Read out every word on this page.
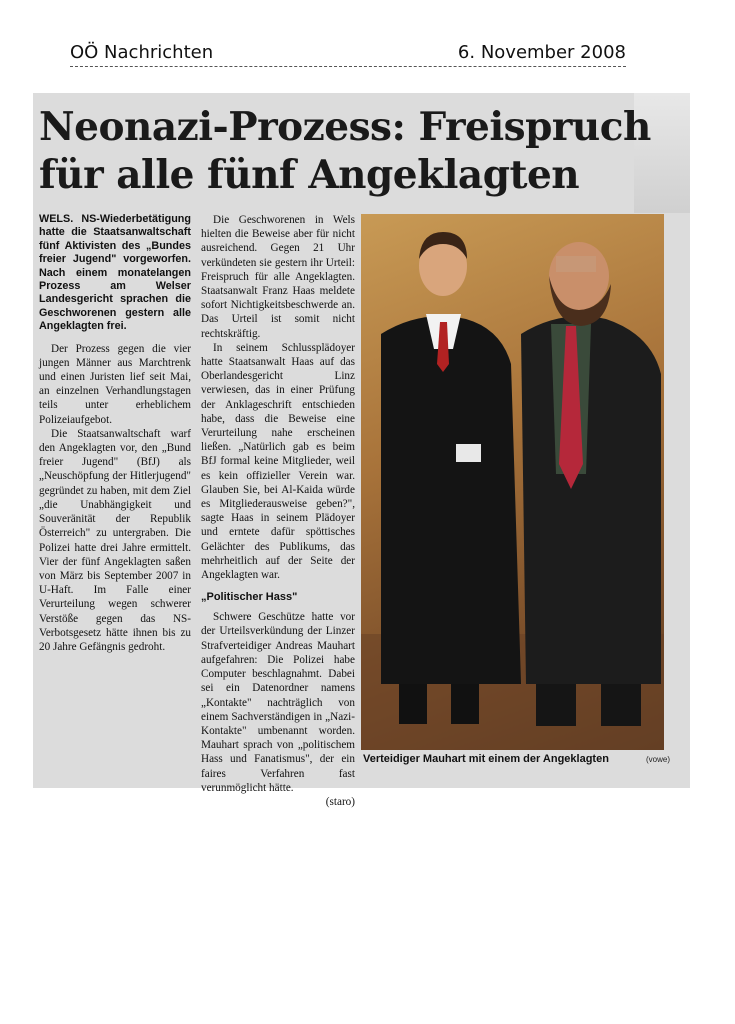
OÖ Nachrichten	6. November 2008
Neonazi-Prozess: Freispruch
für alle fünf Angeklagten

WELS. NS-Wiederbetätigung hatte die Staatsanwaltschaft fünf Aktivisten des „Bundes freier Jugend" vorgeworfen. Nach einem monatelangen Prozess am Welser Landesgericht sprachen die Geschworenen gestern alle Angeklagten frei.

Der Prozess gegen die vier jungen Männer aus Marchtrenk und einen Juristen lief seit Mai, an einzelnen Verhandlungstagen teils unter erheblichem Polizeiaufgebot.

Die Staatsanwaltschaft warf den Angeklagten vor, den „Bund freier Jugend" (BfJ) als „Neuschöpfung der Hitlerjugend" gegründet zu haben, mit dem Ziel „die Unabhängigkeit und Souveränität der Republik Österreich" zu untergraben. Die Polizei hatte drei Jahre ermittelt. Vier der fünf Angeklagten saßen von März bis September 2007 in U-Haft. Im Falle einer Verurteilung wegen schwerer Verstöße gegen das NS-Verbotsgesetz hätte ihnen bis zu 20 Jahre Gefängnis gedroht.

Die Geschworenen in Wels hielten die Beweise aber für nicht ausreichend. Gegen 21 Uhr verkündeten sie gestern ihr Urteil: Freispruch für alle Angeklagten. Staatsanwalt Franz Haas meldete sofort Nichtigkeitsbeschwerde an. Das Urteil ist somit nicht rechtskräftig.

In seinem Schlussplädoyer hatte Staatsanwalt Haas auf das Oberlandesgericht Linz verwiesen, das in einer Prüfung der Anklageschrift entschieden habe, dass die Beweise eine Verurteilung nahe erscheinen ließen. „Natürlich gab es beim BfJ formal keine Mitglieder, weil es kein offizieller Verein war. Glauben Sie, bei Al-Kaida würde es Mitgliederausweise geben?", sagte Haas in seinem Plädoyer und erntete dafür spöttisches Gelächter des Publikums, das mehrheitlich auf der Seite der Angeklagten war.

„Politischer Hass"

Schwere Geschütze hatte vor der Urteilsverkündung der Linzer Strafverteidiger Andreas Mauhart aufgefahren: Die Polizei habe Computer beschlagnahmt. Dabei sei ein Datenordner namens „Kontakte" nachträglich von einem Sachverständigen in „Nazi-Kontakte" umbenannt worden. Mauhart sprach von „politischem Hass und Fanatismus", der ein faires Verfahren fast verunmöglicht hätte.

(staro)
Verteidiger Mauhart mit einem der Angeklagten	(vowe)
